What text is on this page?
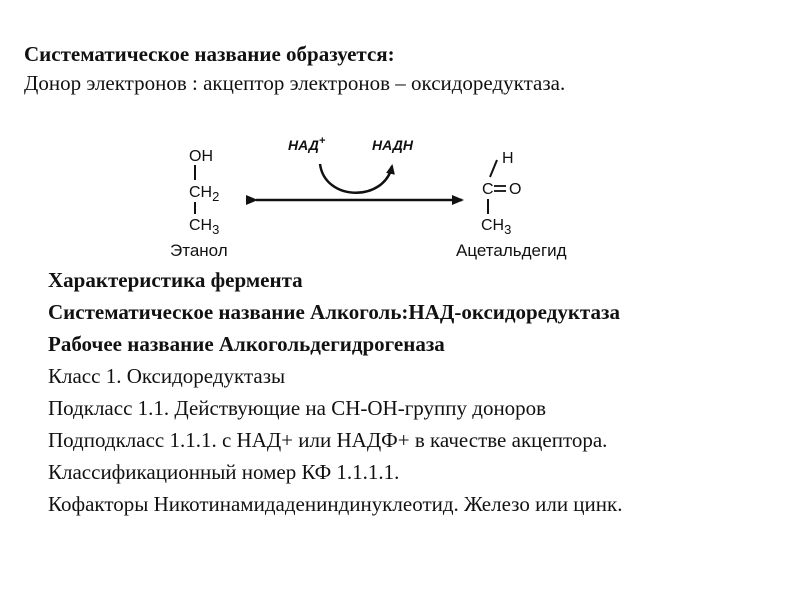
Систематическое название образуется:
Донор электронов : акцептор электронов – оксидоредуктаза.
OH
$CH_2$
$CH_3$
Этанол
НАД+	НАДН
H
C O
$CH_3$
Ацетальдегид
Характеристика фермента
Систематическое название Алкоголь:НАД-оксидоредуктаза
Рабочее название Алкогольдегидрогеназа
Класс 1. Оксидоредуктазы
Подкласс 1.1. Действующие на CH-OH-группу доноров
Подподкласс 1.1.1. с НАД+ или НАДФ+ в качестве акцептора. Классификационный номер КФ 1.1.1.1.
Кофакторы Никотинамидадениндинуклеотид. Железо или цинк.
